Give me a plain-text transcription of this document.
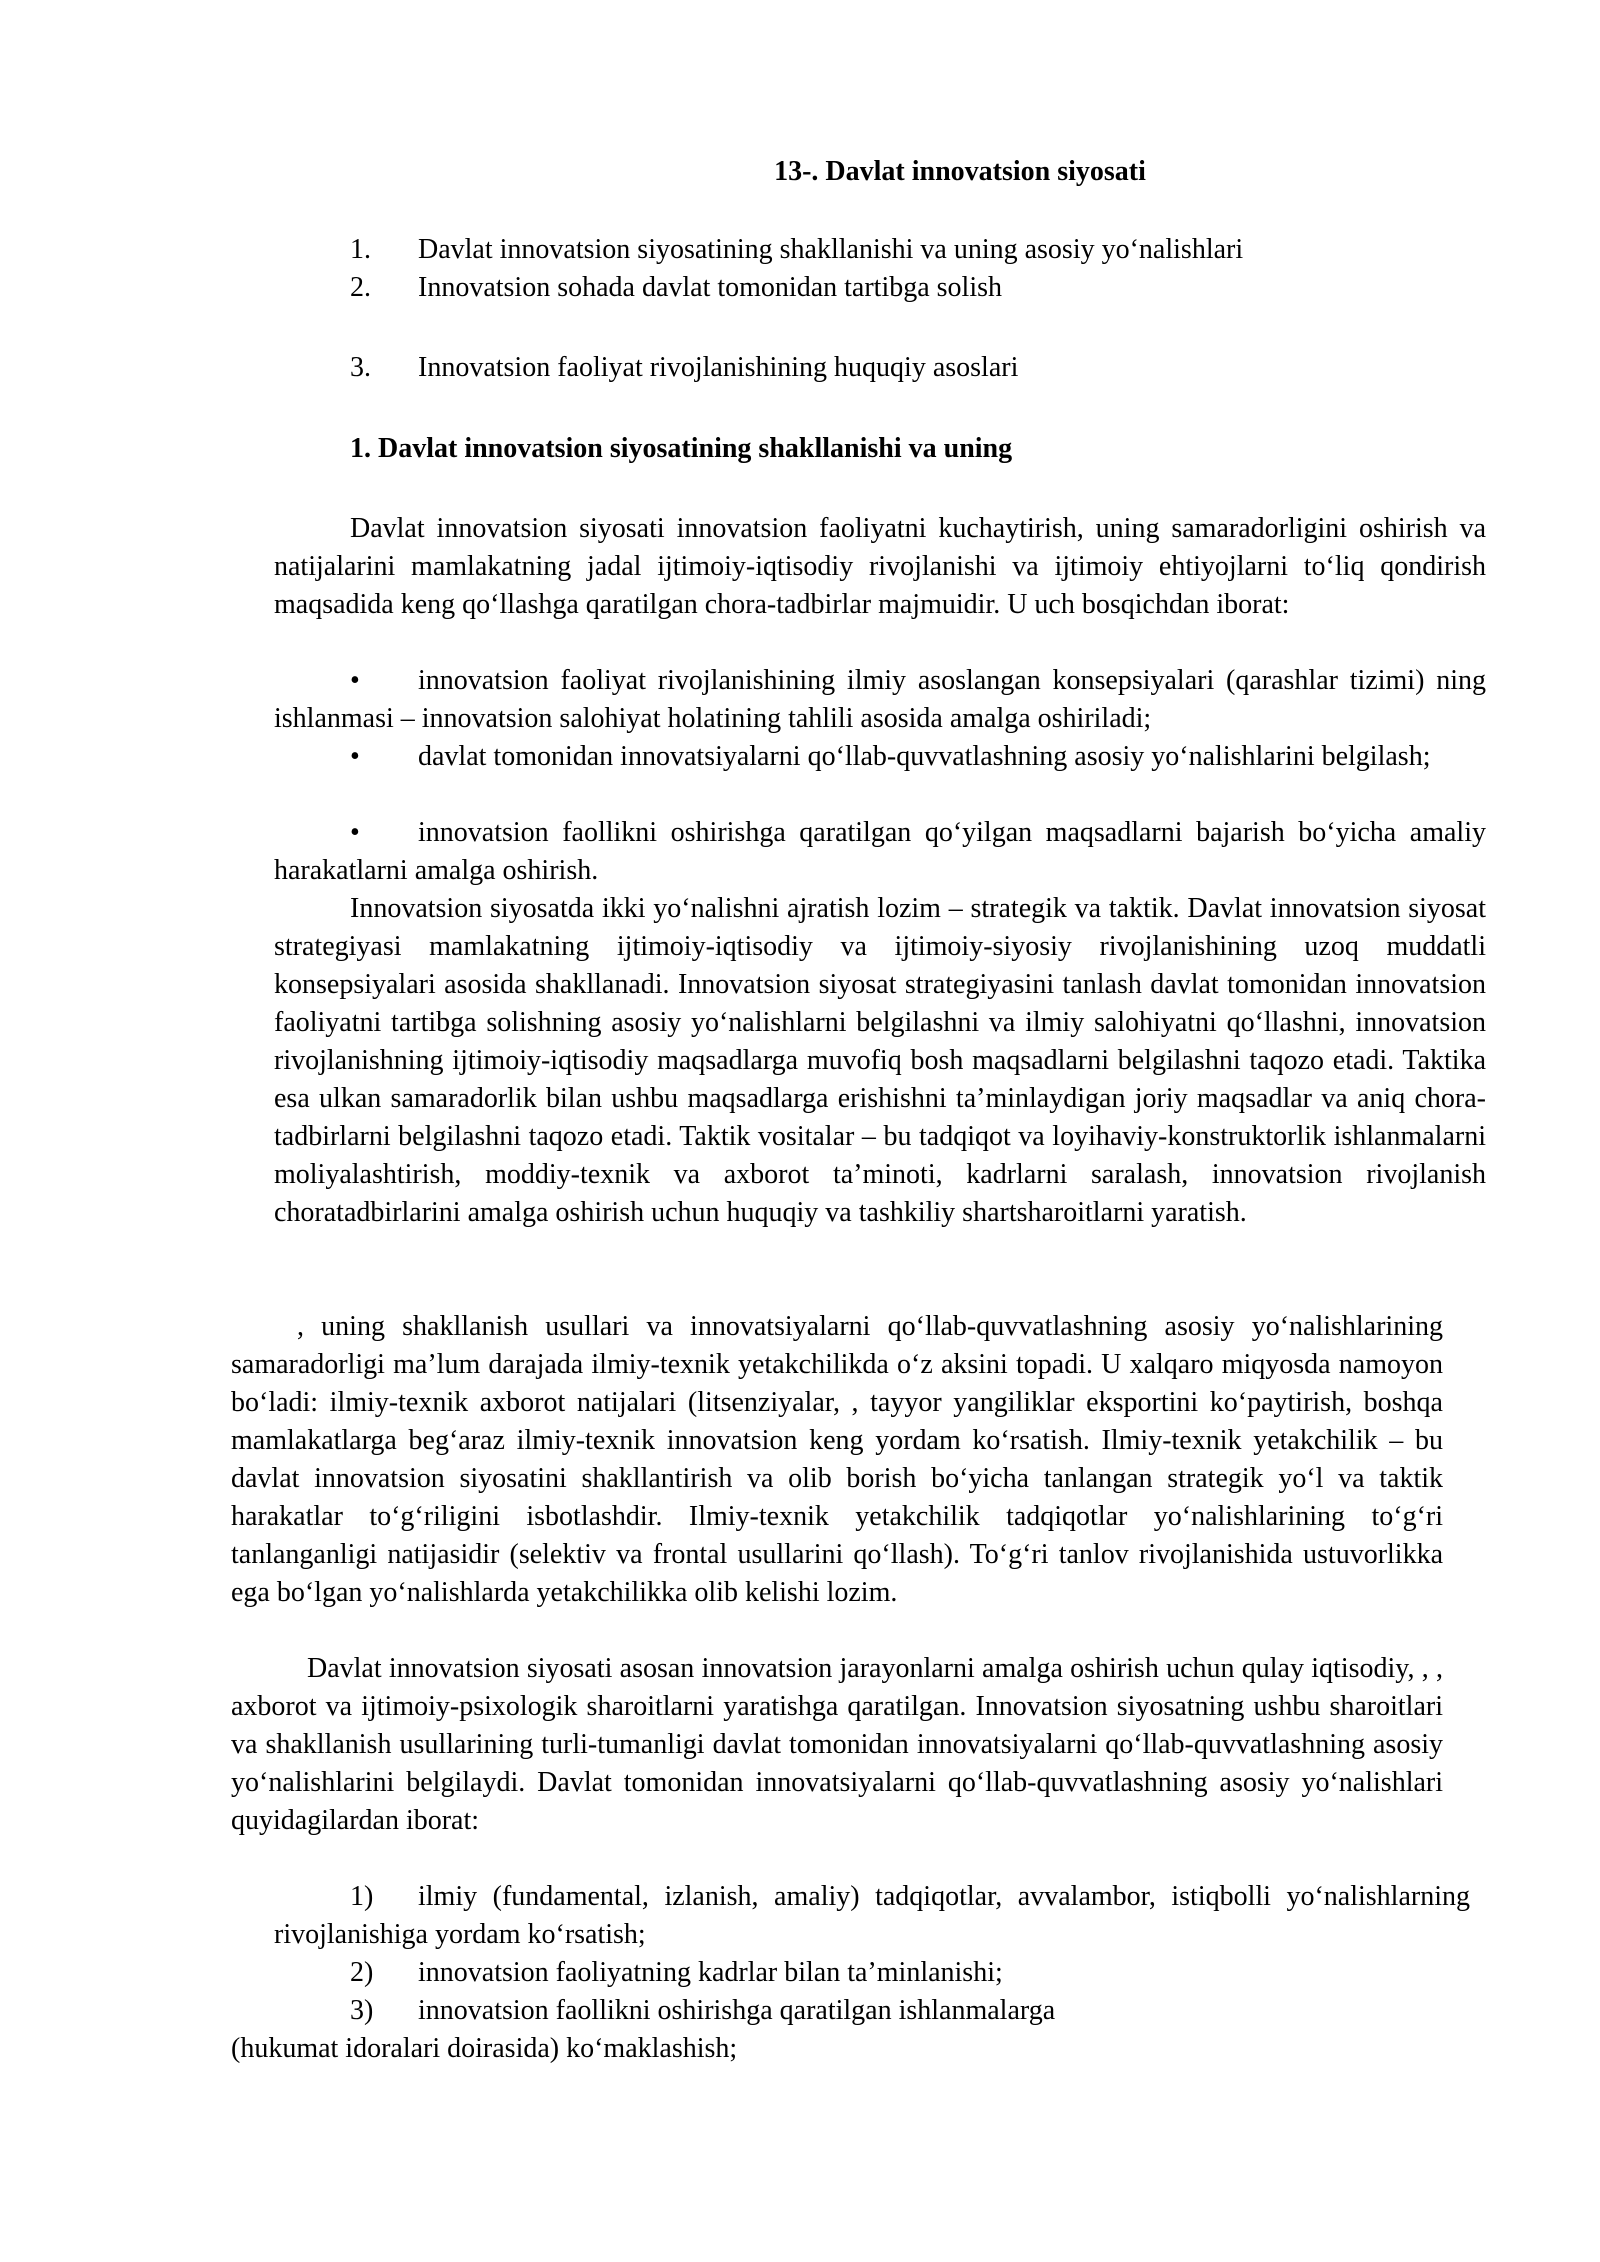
13-. Davlat innovatsion siyosati
1.	Davlat innovatsion siyosatining shakllanishi va uning asosiy yo‘nalishlari
2.	Innovatsion sohada davlat tomonidan tartibga solish
3.	Innovatsion faoliyat rivojlanishining huquqiy asoslari
1. Davlat innovatsion siyosatining shakllanishi va uning

Davlat innovatsion siyosati innovatsion faoliyatni kuchaytirish, uning samaradorligini oshirish va natijalarini mamlakatning jadal ijtimoiy-iqtisodiy rivojlanishi va ijtimoiy ehtiyojlarni to‘liq qondirish maqsadida keng qo‘llashga qaratilgan chora-tadbirlar majmuidir. U uch bosqichdan iborat:

• innovatsion faoliyat rivojlanishining ilmiy asoslangan konsepsiyalari (qarashlar tizimi) ning ishlanmasi – innovatsion salohiyat holatining tahlili asosida amalga oshiriladi;

• davlat tomonidan innovatsiyalarni qo‘llab-quvvatlashning asosiy yo‘nalishlarini belgilash;

• innovatsion faollikni oshirishga qaratilgan qo‘yilgan maqsadlarni bajarish bo‘yicha amaliy harakatlarni amalga oshirish.

Innovatsion siyosatda ikki yo‘nalishni ajratish lozim – strategik va taktik. Davlat innovatsion siyosat strategiyasi mamlakatning ijtimoiy-iqtisodiy va ijtimoiy-siyosiy rivojlanishining uzoq muddatli konsepsiyalari asosida shakllanadi. Innovatsion siyosat strategiyasini tanlash davlat tomonidan innovatsion faoliyatni tartibga solishning asosiy yo‘nalishlarni belgilashni va ilmiy salohiyatni qo‘llashni, innovatsion rivojlanishning ijtimoiy-iqtisodiy maqsadlarga muvofiq bosh maqsadlarni belgilashni taqozo etadi. Taktika esa ulkan samaradorlik bilan ushbu maqsadlarga erishishni ta’minlaydigan joriy maqsadlar va aniq chora-tadbirlarni belgilashni taqozo etadi. Taktik vositalar – bu tadqiqot va loyihaviy-konstruktorlik ishlanmalarni moliyalashtirish, moddiy-texnik va axborot ta’minoti, kadrlarni saralash, innovatsion rivojlanish choratadbirlarini amalga oshirish uchun huquqiy va tashkiliy shartsharoitlarni yaratish.

, uning shakllanish usullari va innovatsiyalarni qo‘llab-quvvatlashning asosiy yo‘nalishlarining samaradorligi ma’lum darajada ilmiy-texnik yetakchilikda o‘z aksini topadi. U xalqaro miqyosda namoyon bo‘ladi: ilmiy-texnik axborot natijalari (litsenziyalar, , tayyor yangiliklar eksportini ko‘paytirish, boshqa mamlakatlarga beg‘araz ilmiy-texnik innovatsion keng yordam ko‘rsatish. Ilmiy-texnik yetakchilik – bu davlat innovatsion siyosatini shakllantirish va olib borish bo‘yicha tanlangan strategik yo‘l va taktik harakatlar to‘g‘riligini isbotlashdir. Ilmiy-texnik yetakchilik tadqiqotlar yo‘nalishlarining to‘g‘ri tanlanganligi natijasidir (selektiv va frontal usullarini qo‘llash). To‘g‘ri tanlov rivojlanishida ustuvorlikka ega bo‘lgan yo‘nalishlarda yetakchilikka olib kelishi lozim.

Davlat innovatsion siyosati asosan innovatsion jarayonlarni amalga oshirish uchun qulay iqtisodiy, , , axborot va ijtimoiy-psixologik sharoitlarni yaratishga qaratilgan. Innovatsion siyosatning ushbu sharoitlari va shakllanish usullarining turli-tumanligi davlat tomonidan innovatsiyalarni qo‘llab-quvvatlashning asosiy yo‘nalishlarini belgilaydi. Davlat tomonidan innovatsiyalarni qo‘llab-quvvatlashning asosiy yo‘nalishlari quyidagilardan iborat:

1) ilmiy (fundamental, izlanish, amaliy) tadqiqotlar, avvalambor, istiqbolli yo‘nalishlarning rivojlanishiga yordam ko‘rsatish;

2) innovatsion faoliyatning kadrlar bilan ta’minlanishi;

3) innovatsion faollikni oshirishga qaratilgan ishlanmalarga

(hukumat idoralari doirasida) ko‘maklashish;
